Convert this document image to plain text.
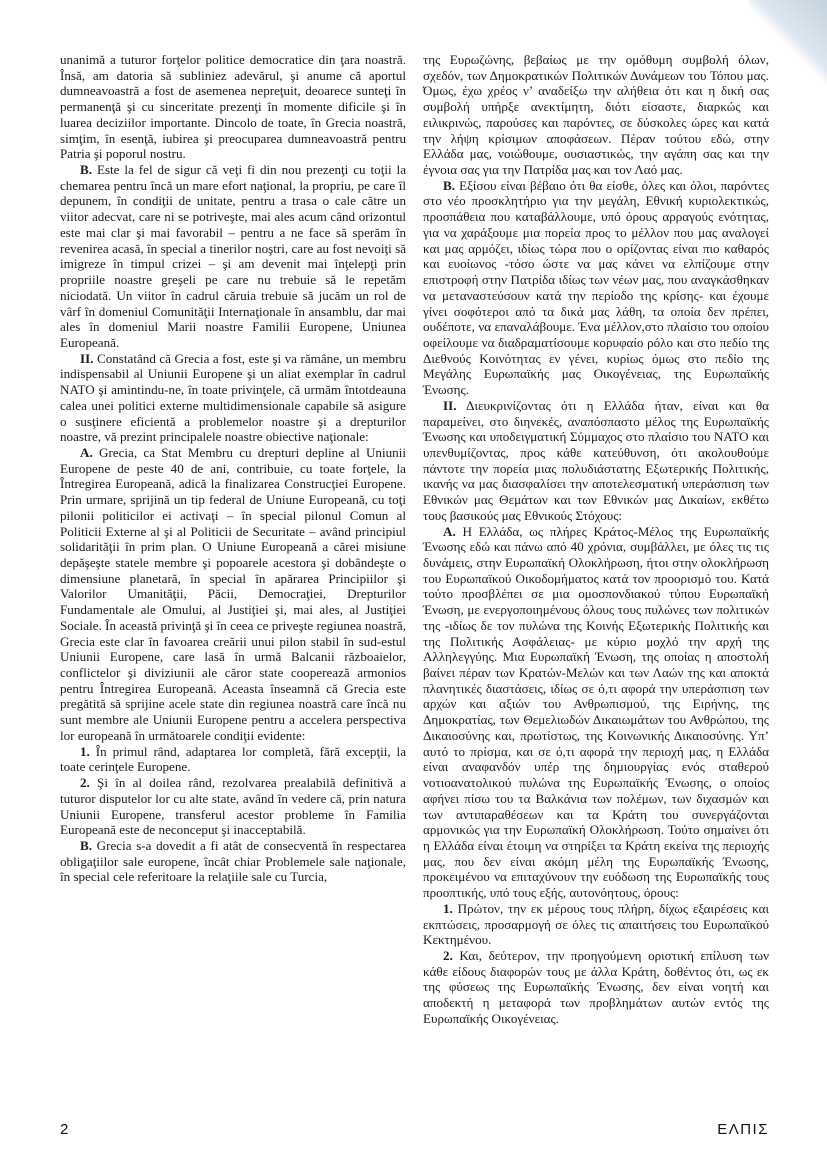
unanimă a tuturor forţelor politice democratice din ţara noastră. Însă, am datoria să subliniez adevărul, şi anume că aportul dumneavoastră a fost de asemenea nepreţuit, deoarece sunteţi în permanenţă şi cu sinceritate prezenţi în momente dificile şi în luarea deciziilor importante. Dincolo de toate, în Grecia noastră, simţim, în esenţă, iubirea şi preocuparea dumneavoastră pentru Patria şi poporul nostru.

B. Este la fel de sigur că veţi fi din nou prezenţi cu toţii la chemarea pentru încă un mare efort naţional, la propriu, pe care îl depunem, în condiţii de unitate, pentru a trasa o cale către un viitor adecvat, care ni se potriveşte, mai ales acum când orizontul este mai clar şi mai favorabil – pentru a ne face să sperăm în revenirea acasă, în special a tinerilor noştri, care au fost nevoiţi să imigreze în timpul crizei – şi am devenit mai înţelepţi prin propriile noastre greşeli pe care nu trebuie să le repetăm niciodată. Un viitor în cadrul căruia trebuie să jucăm un rol de vârf în domeniul Comunităţii Internaţionale în ansamblu, dar mai ales în domeniul Marii noastre Familii Europene, Uniunea Europeană.

II. Constatând că Grecia a fost, este şi va rămâne, un membru indispensabil al Uniunii Europene şi un aliat exemplar în cadrul NATO şi amintindu-ne, în toate privinţele, că urmăm întotdeauna calea unei politici externe multidimensionale capabile să asigure o susţinere eficientă a problemelor noastre şi a drepturilor noastre, vă prezint principalele noastre obiective naţionale:

A. Grecia, ca Stat Membru cu drepturi depline al Uniunii Europene de peste 40 de ani, contribuie, cu toate forţele, la Întregirea Europeană, adică la finalizarea Construcţiei Europene. Prin urmare, sprijină un tip federal de Uniune Europeană, cu toţi pilonii politicilor ei activaţi – în special pilonul Comun al Politicii Externe al şi al Politicii de Securitate – având principiul solidarităţii în prim plan. O Uniune Europeană a cărei misiune depăşeşte statele membre şi popoarele acestora şi dobândeşte o dimensiune planetară, în special în apărarea Principiilor şi Valorilor Umanităţii, Păcii, Democraţiei, Drepturilor Fundamentale ale Omului, al Justiţiei şi, mai ales, al Justiţiei Sociale. În această privinţă şi în ceea ce priveşte regiunea noastră, Grecia este clar în favoarea creării unui pilon stabil în sud-estul Uniunii Europene, care lasă în urmă Balcanii războaielor, conflictelor şi diviziunii ale căror state cooperează armonios pentru Întregirea Europeană. Aceasta înseamnă că Grecia este pregătită să sprijine acele state din regiunea noastră care încă nu sunt membre ale Uniunii Europene pentru a accelera perspectiva lor europeană în următoarele condiţii evidente:

1. În primul rând, adaptarea lor completă, fără excepţii, la toate cerinţele Europene.

2. Şi în al doilea rând, rezolvarea prealabilă definitivă a tuturor disputelor lor cu alte state, având în vedere că, prin natura Uniunii Europene, transferul acestor probleme în Familia Europeană este de neconceput şi inacceptabilă.

B. Grecia s-a dovedit a fi atât de consecventă în respectarea obligaţiilor sale europene, încât chiar Problemele sale naţionale, în special cele referitoare la relaţiile sale cu Turcia,

της Ευρωζώνης, βεβαίως με την ομόθυμη συμβολή όλων, σχεδόν, των Δημοκρατικών Πολιτικών Δυνάμεων του Τόπου μας. Όμως, έχω χρέος ν’ αναδείξω την αλήθεια ότι και η δική σας συμβολή υπήρξε ανεκτίμητη, διότι είσαστε, διαρκώς και ειλικρινώς, παρούσες και παρόντες, σε δύσκολες ώρες και κατά την λήψη κρίσιμων αποφάσεων. Πέραν τούτου εδώ, στην Ελλάδα μας, νοιώθουμε, ουσιαστικώς, την αγάπη σας και την έγνοια σας για την Πατρίδα μας και τον Λαό μας.

Β. Εξίσου είναι βέβαιο ότι θα είσθε, όλες και όλοι, παρόντες στο νέο προσκλητήριο για την μεγάλη, Εθνική κυριολεκτικώς, προσπάθεια που καταβάλλουμε, υπό όρους αρραγούς ενότητας, για να χαράξουμε μια πορεία προς το μέλλον που μας αναλογεί και μας αρμόζει, ιδίως τώρα που ο ορίζοντας είναι πιο καθαρός και ευοίωνος -τόσο ώστε να μας κάνει να ελπίζουμε στην επιστροφή στην Πατρίδα ιδίως των νέων μας, που αναγκάσθηκαν να μεταναστεύσουν κατά την περίοδο της κρίσης- και έχουμε γίνει σοφότεροι από τα δικά μας λάθη, τα οποία δεν πρέπει, ουδέποτε, να επαναλάβουμε. Ένα μέλλον,στο πλαίσιο του οποίου οφείλουμε να διαδραματίσουμε κορυφαίο ρόλο και στο πεδίο της Διεθνούς Κοινότητας εν γένει, κυρίως όμως στο πεδίο της Μεγάλης Ευρωπαϊκής μας Οικογένειας, της Ευρωπαϊκής Ένωσης.

ΙΙ. Διευκρινίζοντας ότι η Ελλάδα ήταν, είναι και θα παραμείνει, στο διηνεκές, αναπόσπαστο μέλος της Ευρωπαϊκής Ένωσης και υποδειγματική Σύμμαχος στο πλαίσιο του ΝΑΤΟ και υπενθυμίζοντας, προς κάθε κατεύθυνση, ότι ακολουθούμε πάντοτε την πορεία μιας πολυδιάστατης Εξωτερικής Πολιτικής, ικανής να μας διασφαλίσει την αποτελεσματική υπεράσπιση των Εθνικών μας Θεμάτων και των Εθνικών μας Δικαίων, εκθέτω τους βασικούς μας Εθνικούς Στόχους:

Α. Η Ελλάδα, ως πλήρες Κράτος-Μέλος της Ευρωπαϊκής Ένωσης εδώ και πάνω από 40 χρόνια, συμβάλλει, με όλες τις τις δυνάμεις, στην Ευρωπαϊκή Ολοκλήρωση, ήτοι στην ολοκλήρωση του Ευρωπαϊκού Οικοδομήματος κατά τον προορισμό του. Κατά τούτο προσβλέπει σε μια ομοσπονδιακού τύπου Ευρωπαϊκή Ένωση, με ενεργοποιημένους όλους τους πυλώνες των πολιτικών της -ιδίως δε τον πυλώνα της Κοινής Εξωτερικής Πολιτικής και της Πολιτικής Ασφάλειας- με κύριο μοχλό την αρχή της Αλληλεγγύης. Μια Ευρωπαϊκή Ένωση, της οποίας η αποστολή βαίνει πέραν των Κρατών-Μελών και των Λαών της και αποκτά πλανητικές διαστάσεις, ιδίως σε ό,τι αφορά την υπεράσπιση των αρχών και αξιών του Ανθρωπισμού, της Ειρήνης, της Δημοκρατίας, των Θεμελιωδών Δικαιωμάτων του Ανθρώπου, της Δικαιοσύνης και, πρωτίστως, της Κοινωνικής Δικαιοσύνης. Υπ’ αυτό το πρίσμα, και σε ό,τι αφορά την περιοχή μας, η Ελλάδα είναι αναφανδόν υπέρ της δημιουργίας ενός σταθερού νοτιοανατολικού πυλώνα της Ευρωπαϊκής Ένωσης, ο οποίος αφήνει πίσω του τα Βαλκάνια των πολέμων, των διχασμών και των αντιπαραθέσεων και τα Κράτη του συνεργάζονται αρμονικώς για την Ευρωπαϊκή Ολοκλήρωση. Τούτο σημαίνει ότι η Ελλάδα είναι έτοιμη να στηρίξει τα Κράτη εκείνα της περιοχής μας, που δεν είναι ακόμη μέλη της Ευρωπαϊκής Ένωσης, προκειμένου να επιταχύνουν την ευόδωση της Ευρωπαϊκής τους προοπτικής, υπό τους εξής, αυτονόητους, όρους:

1. Πρώτον, την εκ μέρους τους πλήρη, δίχως εξαιρέσεις και εκπτώσεις, προσαρμογή σε όλες τις απαιτήσεις του Ευρωπαϊκού Κεκτημένου.

2. Και, δεύτερον, την προηγούμενη οριστική επίλυση των κάθε είδους διαφορών τους με άλλα Κράτη, δοθέντος ότι, ως εκ της φύσεως της Ευρωπαϊκής Ένωσης, δεν είναι νοητή και αποδεκτή η μεταφορά των προβλημάτων αυτών εντός της Ευρωπαϊκής Οικογένειας.

2	ΕΛΠΙΣ
